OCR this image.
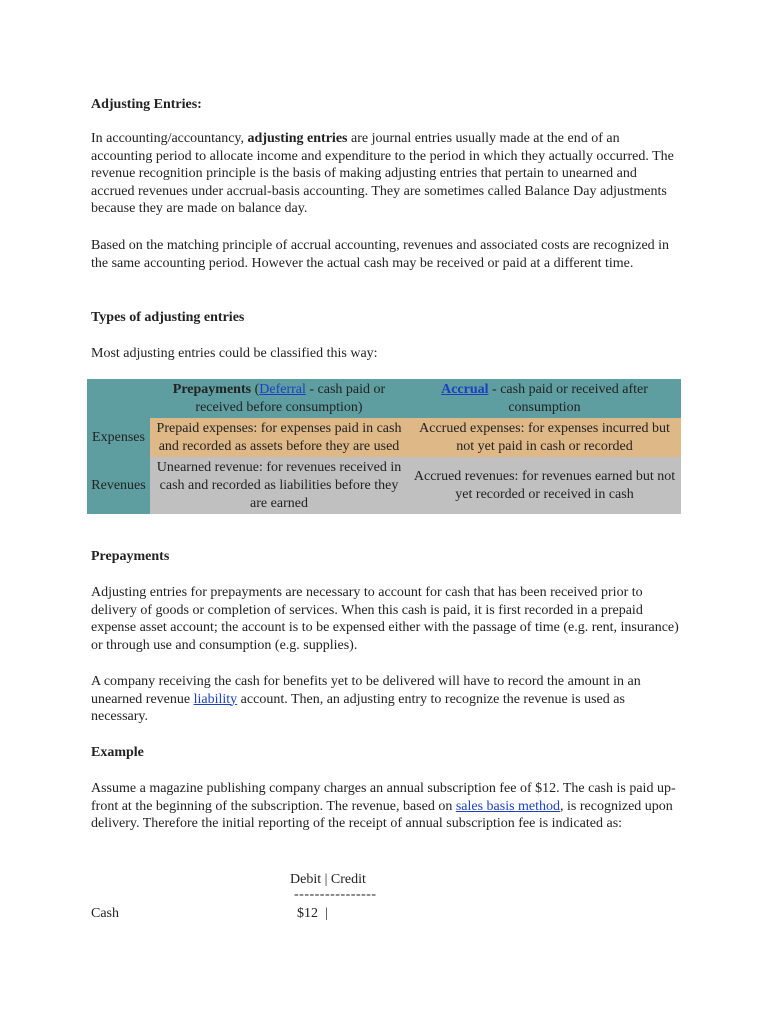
Adjusting Entries:

In accounting/accountancy, adjusting entries are journal entries usually made at the end of an accounting period to allocate income and expenditure to the period in which they actually occurred. The revenue recognition principle is the basis of making adjusting entries that pertain to unearned and accrued revenues under accrual-basis accounting. They are sometimes called Balance Day adjustments because they are made on balance day.

Based on the matching principle of accrual accounting, revenues and associated costs are recognized in the same accounting period. However the actual cash may be received or paid at a different time.

Types of adjusting entries

Most adjusting entries could be classified this way:

	Prepayments (Deferral - cash paid or received before consumption)	Accrual - cash paid or received after consumption
Expenses	Prepaid expenses: for expenses paid in cash and recorded as assets before they are used	Accrued expenses: for expenses incurred but not yet paid in cash or recorded
Revenues	Unearned revenue: for revenues received in cash and recorded as liabilities before they are earned	Accrued revenues: for revenues earned but not yet recorded or received in cash

Prepayments

Adjusting entries for prepayments are necessary to account for cash that has been received prior to delivery of goods or completion of services. When this cash is paid, it is first recorded in a prepaid expense asset account; the account is to be expensed either with the passage of time (e.g. rent, insurance) or through use and consumption (e.g. supplies).

A company receiving the cash for benefits yet to be delivered will have to record the amount in an unearned revenue liability account. Then, an adjusting entry to recognize the revenue is used as necessary.

Example

Assume a magazine publishing company charges an annual subscription fee of $12. The cash is paid up-front at the beginning of the subscription. The revenue, based on sales basis method, is recognized upon delivery. Therefore the initial reporting of the receipt of annual subscription fee is indicated as:

Debit | Credit
----------------
Cash	$12  |
